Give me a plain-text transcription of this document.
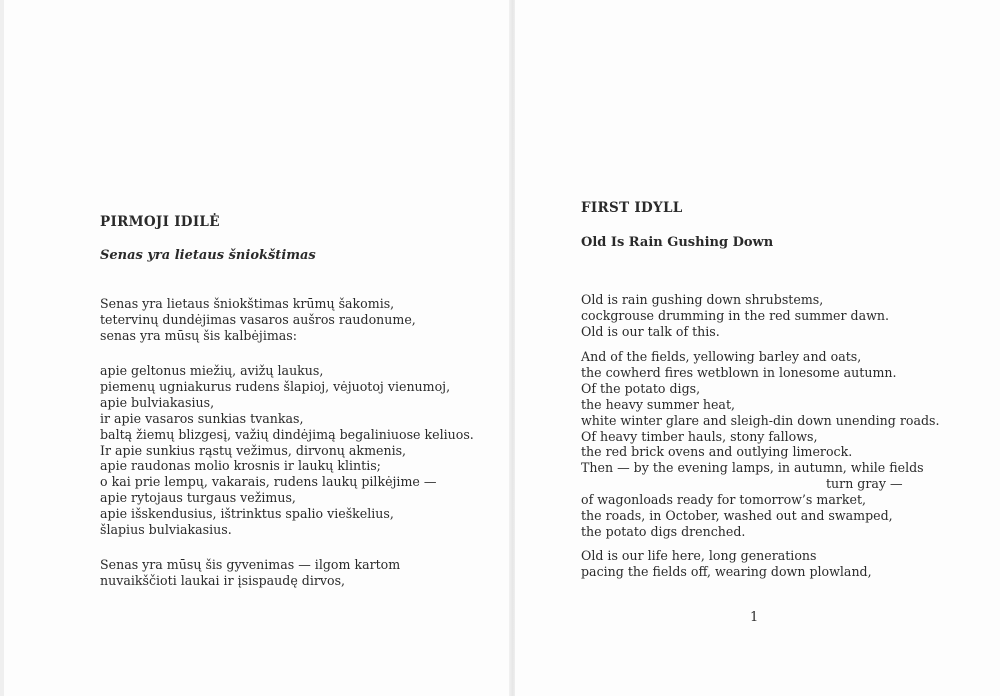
PIRMOJI IDILĖ
Senas yra lietaus šniokštimas
Senas yra lietaus šniokštimas krūmų šakomis,
tetervinų dundėjimas vasaros aušros raudonume,
senas yra mūsų šis kalbėjimas:
apie geltonus miežių, avižų laukus,
piemenų ugniakurus rudens šlapioj, vėjuotoj vienumoj,
apie bulviakasius,
ir apie vasaros sunkias tvankas,
baltą žiemų blizgesį, važių dindėjimą begaliniuose keliuos.
Ir apie sunkius rąstų vežimus, dirvonų akmenis,
apie raudonas molio krosnis ir laukų klintis;
o kai prie lempų, vakarais, rudens laukų pilkėjime —
apie rytojaus turgaus vežimus,
apie išskendusius, ištrinktus spalio vieškelius,
šlapius bulviakasius.
Senas yra mūsų šis gyvenimas — ilgom kartom
nuvaikščioti laukai ir įsispaudę dirvos,
FIRST IDYLL
Old Is Rain Gushing Down
Old is rain gushing down shrubstems,
cockgrouse drumming in the red summer dawn.
Old is our talk of this.
And of the fields, yellowing barley and oats,
the cowherd fires wetblown in lonesome autumn.
Of the potato digs,
the heavy summer heat,
white winter glare and sleigh-din down unending roads.
Of heavy timber hauls, stony fallows,
the red brick ovens and outlying limerock.
Then — by the evening lamps, in autumn, while fields
turn gray —
of wagonloads ready for tomorrow’s market,
the roads, in October, washed out and swamped,
the potato digs drenched.
Old is our life here, long generations
pacing the fields off, wearing down plowland,
1
